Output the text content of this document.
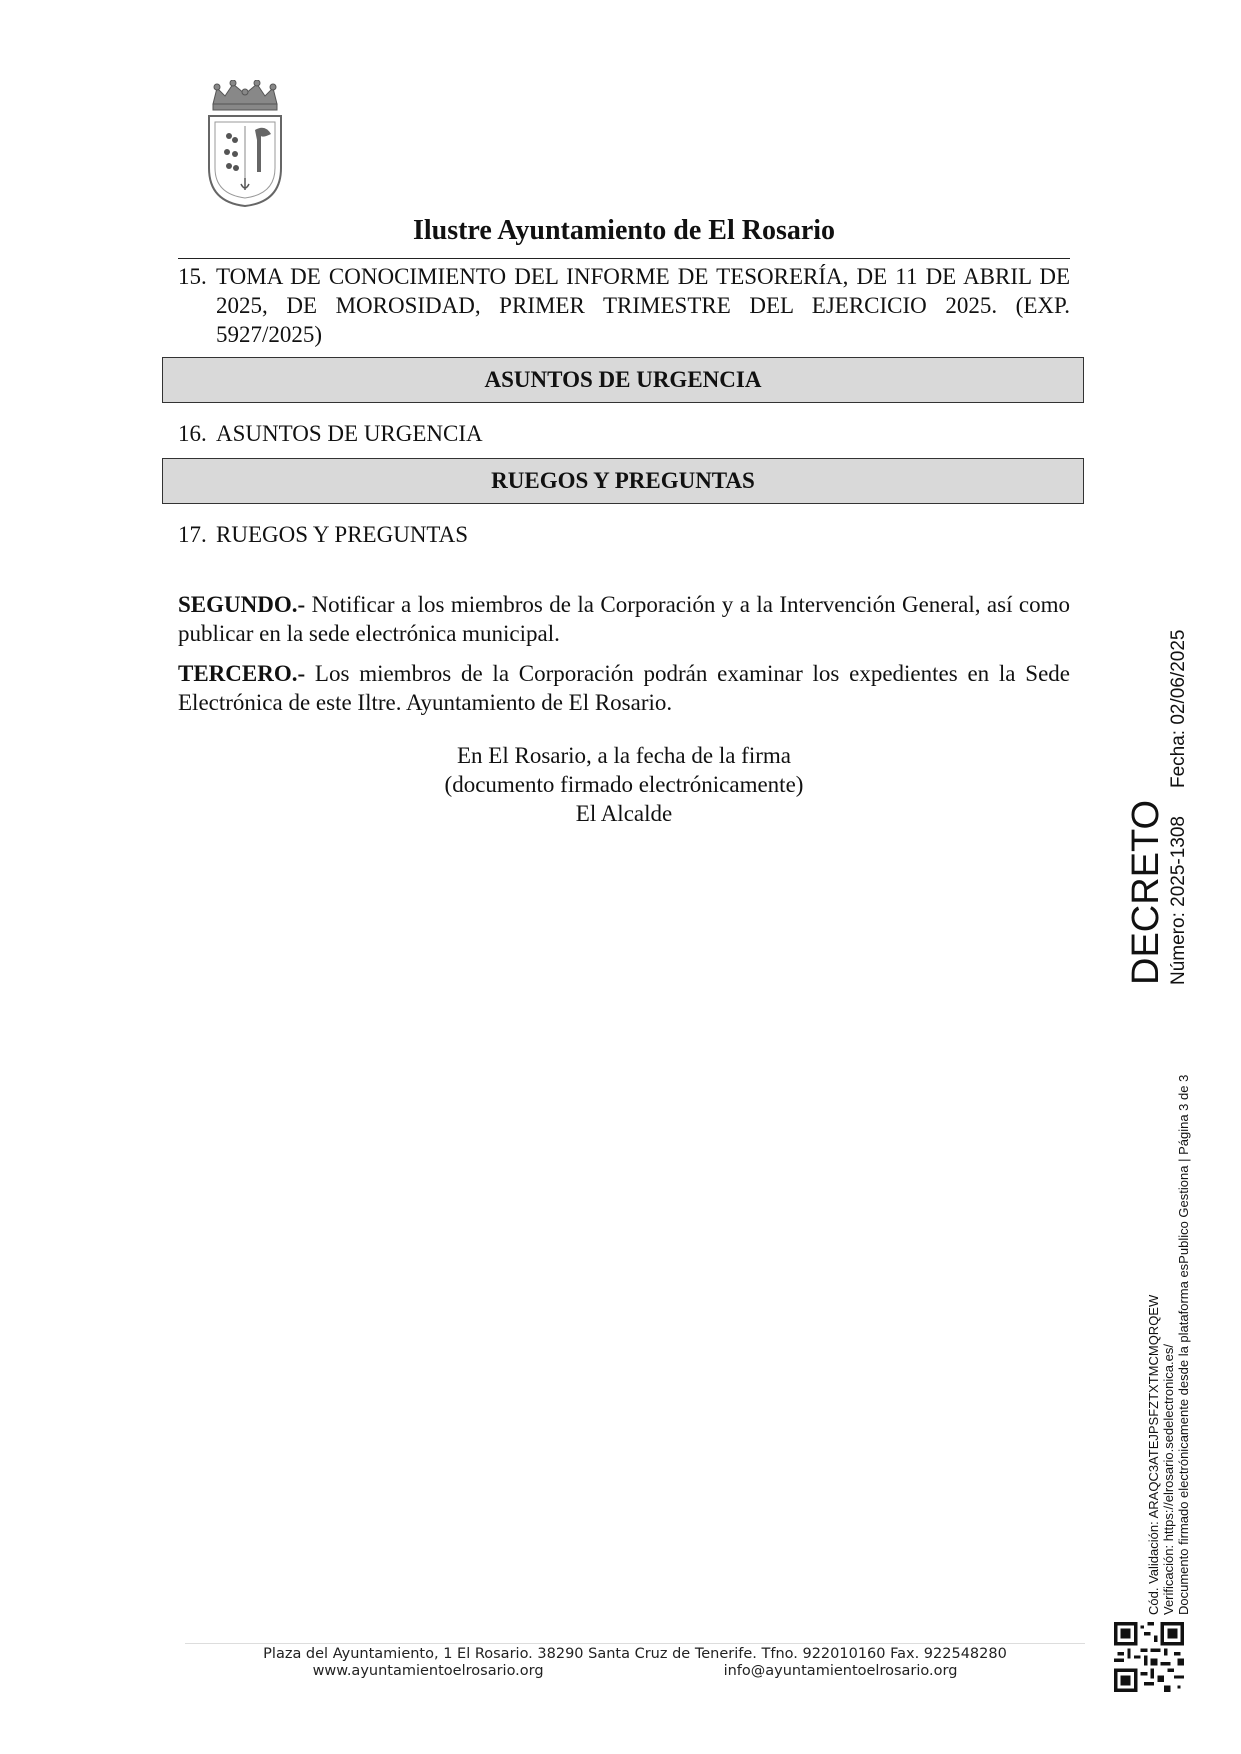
Ilustre Ayuntamiento de El Rosario
15. TOMA DE CONOCIMIENTO DEL INFORME DE TESORERÍA, DE 11 DE ABRIL DE 2025, DE MOROSIDAD, PRIMER TRIMESTRE DEL EJERCICIO 2025. (EXP. 5927/2025)
ASUNTOS DE URGENCIA
16. ASUNTOS DE URGENCIA
RUEGOS Y PREGUNTAS
17. RUEGOS Y PREGUNTAS
SEGUNDO.- Notificar a los miembros de la Corporación y a la Intervención General, así como publicar en la sede electrónica municipal.
TERCERO.- Los miembros de la Corporación podrán examinar los expedientes en la Sede Electrónica de este Iltre. Ayuntamiento de El Rosario.
En El Rosario, a la fecha de la firma
(documento firmado electrónicamente)
El Alcalde	DECRETO Número: 2025-1308Fecha: 02/06/2025
Cód. Validación: ARAQC3ATEJPSFZTXTMCMQRQEW Verificación: https://elrosario.sedelectronica.es/ Documento firmado electrónicamente desde la plataforma esPublico Gestiona | Página 3 de 3
Plaza del Ayuntamiento, 1 El Rosario. 38290 Santa Cruz de Tenerife. Tfno. 922010160 Fax. 922548280
www.ayuntamientoelrosario.org	info@ayuntamientoelrosario.org
